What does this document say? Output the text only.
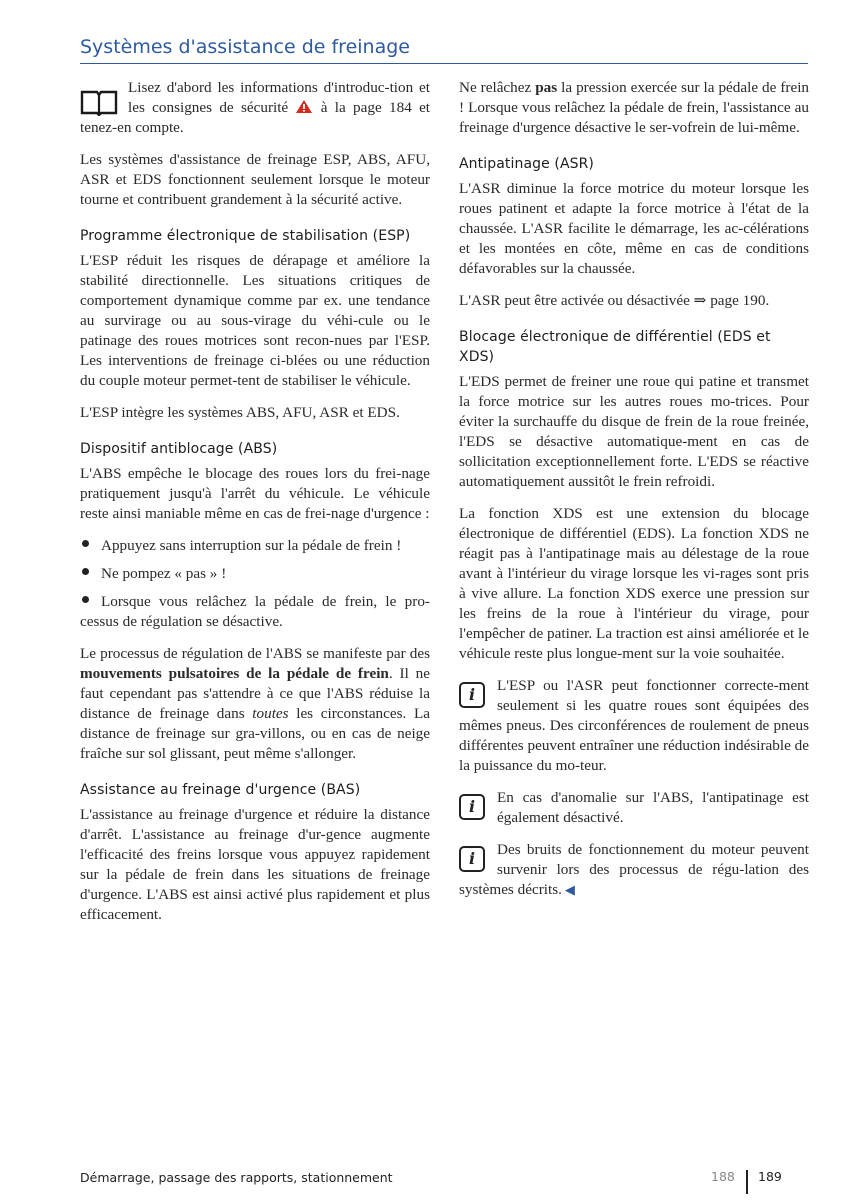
Systèmes d'assistance de freinage

Lisez d'abord les informations d'introduc-tion et les consignes de sécurité à la page 184 et tenez-en compte.

Les systèmes d'assistance de freinage ESP, ABS, AFU, ASR et EDS fonctionnent seulement lorsque le moteur tourne et contribuent grandement à la sécurité active.

Programme électronique de stabilisation (ESP)

L'ESP réduit les risques de dérapage et améliore la stabilité directionnelle. Les situations critiques de comportement dynamique comme par ex. une tendance au survirage ou au sous-virage du véhi-cule ou le patinage des roues motrices sont recon-nues par l'ESP. Les interventions de freinage ci-blées ou une réduction du couple moteur permet-tent de stabiliser le véhicule.

L'ESP intègre les systèmes ABS, AFU, ASR et EDS.

Dispositif antiblocage (ABS)

L'ABS empêche le blocage des roues lors du frei-nage pratiquement jusqu'à l'arrêt du véhicule. Le véhicule reste ainsi maniable même en cas de frei-nage d'urgence :

Appuyez sans interruption sur la pédale de frein !
Ne pompez « pas » !
Lorsque vous relâchez la pédale de frein, le pro-cessus de régulation se désactive.

Le processus de régulation de l'ABS se manifeste par des mouvements pulsatoires de la pédale de frein. Il ne faut cependant pas s'attendre à ce que l'ABS réduise la distance de freinage dans toutes les circonstances. La distance de freinage sur gra-villons, ou en cas de neige fraîche sur sol glissant, peut même s'allonger.

Assistance au freinage d'urgence (BAS)

L'assistance au freinage d'urgence et réduire la distance d'arrêt. L'assistance au freinage d'ur-gence augmente l'efficacité des freins lorsque vous appuyez rapidement sur la pédale de frein dans les situations de freinage d'urgence. L'ABS est ainsi activé plus rapidement et plus efficacement.

Ne relâchez pas la pression exercée sur la pédale de frein ! Lorsque vous relâchez la pédale de frein, l'assistance au freinage d'urgence désactive le ser-vofrein de lui-même.

Antipatinage (ASR)

L'ASR diminue la force motrice du moteur lorsque les roues patinent et adapte la force motrice à l'état de la chaussée. L'ASR facilite le démarrage, les ac-célérations et les montées en côte, même en cas de conditions défavorables sur la chaussée.

L'ASR peut être activée ou désactivée ⇒ page 190.

Blocage électronique de différentiel (EDS et XDS)

L'EDS permet de freiner une roue qui patine et transmet la force motrice sur les autres roues mo-trices. Pour éviter la surchauffe du disque de frein de la roue freinée, l'EDS se désactive automatique-ment en cas de sollicitation exceptionnellement forte. L'EDS se réactive automatiquement aussitôt le frein refroidi.

La fonction XDS est une extension du blocage électronique de différentiel (EDS). La fonction XDS ne réagit pas à l'antipatinage mais au délestage de la roue avant à l'intérieur du virage lorsque les vi-rages sont pris à vive allure. La fonction XDS exerce une pression sur les freins de la roue à l'intérieur du virage, pour l'empêcher de patiner. La traction est ainsi améliorée et le véhicule reste plus longue-ment sur la voie souhaitée.

i	L'ESP ou l'ASR peut fonctionner correcte-ment seulement si les quatre roues sont équipées des mêmes pneus. Des circonférences de roulement de pneus différentes peuvent entraîner une réduction indésirable de la puissance du mo-teur.

i	En cas d'anomalie sur l'ABS, l'antipatinage est également désactivé.

i	Des bruits de fonctionnement du moteur peuvent survenir lors des processus de régu-lation des systèmes décrits. ◀

Démarrage, passage des rapports, stationnement	188 189
